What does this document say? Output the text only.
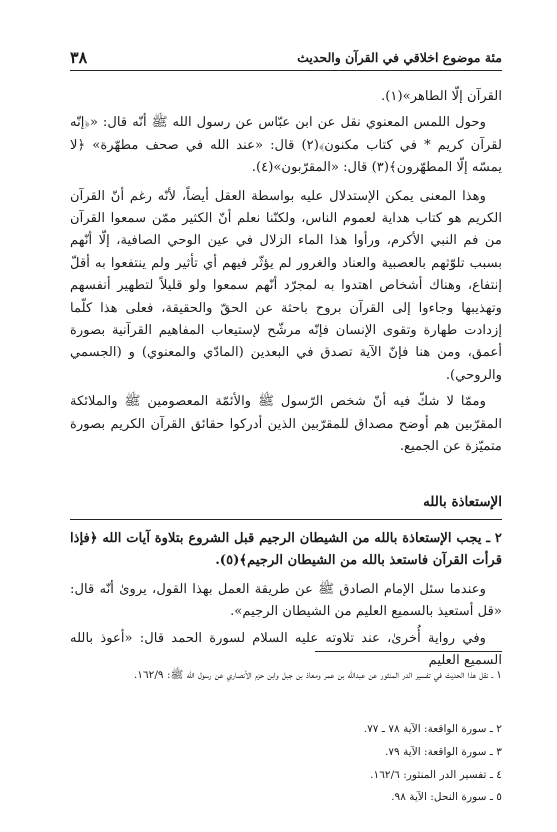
٣٨	مئة موضوع اخلاقي في القرآن والحديث

القرآن إلّا الطاهر»(١).

وحول اللمس المعنوي نقل عن ابن عبّاس عن رسول الله ﷺ أنّه قال: «﴿إنّه لقرآن كريم * في كتاب مكنون﴾(٢) قال: «عند الله في صحف مطهّرة» ﴿لا يمسّه إلّا المطهّرون﴾(٣) قال: «المقرّبون»(٤).

وهذا المعنى يمكن الإستدلال عليه بواسطة العقل أيضاً، لأنّه رغم أنّ القرآن الكريم هو كتاب هداية لعموم الناس، ولكنّنا نعلم أنّ الكثير ممّن سمعوا القرآن من فم النبي الأكرم، ورأوا هذا الماء الزلال في عين الوحي الصافية، إلّا أنّهم بسبب تلوّثهم بالعصبية والعناد والغرور لم يؤثّر فيهم أي تأثير ولم ينتفعوا به أقلّ إنتفاع، وهناك أشخاص اهتدوا به لمجرّد أنّهم سمعوا ولو قليلاً لتطهير أنفسهم وتهذيبها وجاءوا إلى القرآن بروح باحثة عن الحقّ والحقيقة، فعلى هذا كلّما إزدادت طهارة وتقوى الإنسان فإنّه مرشّح لإستيعاب المفاهيم القرآنية بصورة أعمق، ومن هنا فإنّ الآية تصدق في البعدين (المادّي والمعنوي) و (الجسمي والروحي).

وممّا لا شكّ فيه أنّ شخص الرّسول ﷺ والأئمّة المعصومين ﷺ والملائكة المقرّبين هم أوضح مصداق للمقرّبين الذين أدركوا حقائق القرآن الكريم بصورة متميّزة عن الجميع.

الإستعاذة بالله

٢ ـ يجب الإستعاذة بالله من الشيطان الرجيم قبل الشروع بتلاوة آيات الله ﴿فإذا قرأت القرآن فاستعذ بالله من الشيطان الرجيم﴾(٥).

وعندما سئل الإمام الصادق ﷺ عن طريقة العمل بهذا القول، يروىٰ أنّه قال: «قل أستعيذ بالسميع العليم من الشيطان الرجيم».

وفي رواية أُخرىٰ، عند تلاوته عليه السلام لسورة الحمد قال: «أعوذ بالله السميع العليم

١ ـ نقل هذا الحديث في تفسير الدر المنثور عن عبدالله بن عمر ومعاذ بن جبل وابن حزم الأنصاري عن رسول الله ﷺ: ١٦٢/٩.

٢ ـ سورة الواقعة: الآية ٧٨ ـ ٧٧.

٣ ـ سورة الواقعة: الآية ٧٩.

٤ ـ تفسير الدر المنثور: ١٦٢/٦.

٥ ـ سورة النحل: الآية ٩٨.
